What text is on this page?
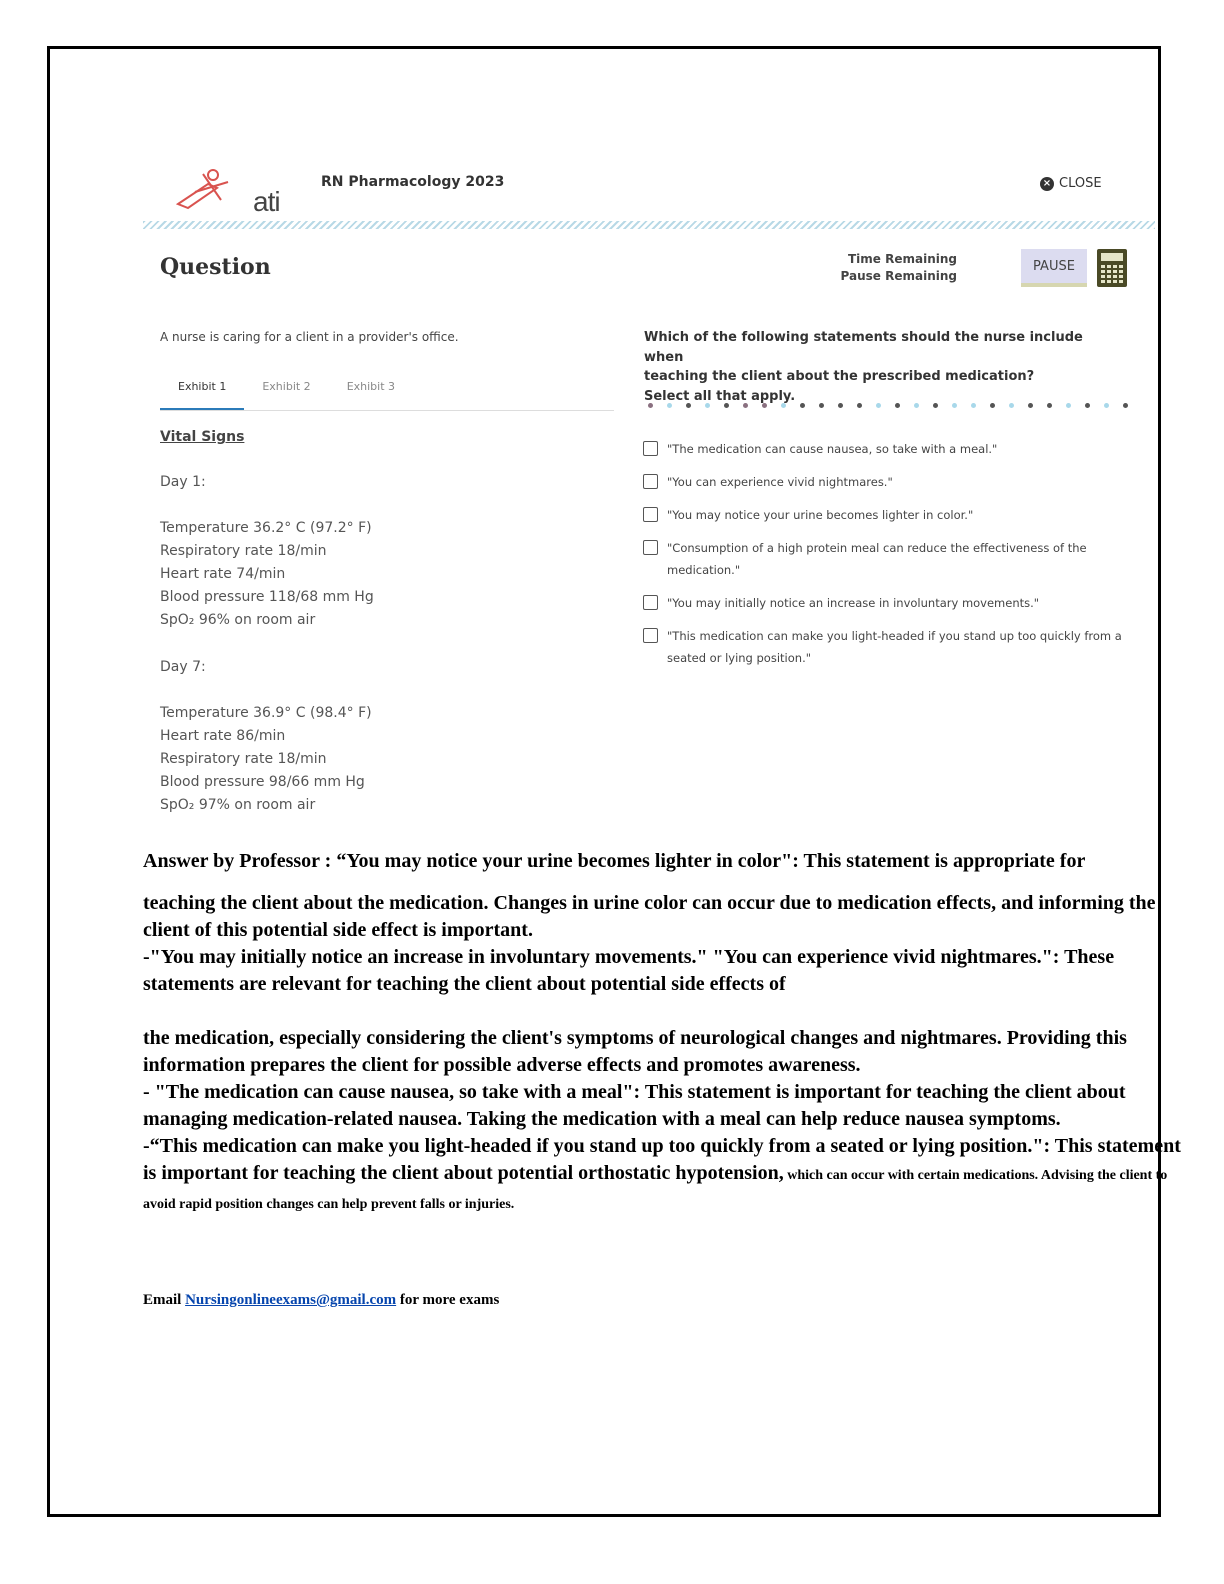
ati
RN Pharmacology 2023	× CLOSE
Question	Time Remaining
Pause Remaining
PAUSE
A nurse is caring for a client in a provider's office.
Exhibit 1	Exhibit 2	Exhibit 3
Vital Signs
Day 1:
Temperature 36.2° C (97.2° F)
Respiratory rate 18/min
Heart rate 74/min
Blood pressure 118/68 mm Hg
SpO₂ 96% on room air
Day 7:
Temperature 36.9° C (98.4° F)
Heart rate 86/min
Respiratory rate 18/min
Blood pressure 98/66 mm Hg
SpO₂ 97% on room air
Which of the following statements should the nurse include when
teaching the client about the prescribed medication?
Select all that apply.
"The medication can cause nausea, so take with a meal."
"You can experience vivid nightmares."
"You may notice your urine becomes lighter in color."
"Consumption of a high protein meal can reduce the effectiveness of the medication."
"You may initially notice an increase in involuntary movements."
"This medication can make you light-headed if you stand up too quickly from a seated or lying position."

Answer by Professor : “You may notice your urine becomes lighter in color": This statement is appropriate for

teaching the client about the medication. Changes in urine color can occur due to medication effects, and informing the client of this potential side effect is important.

-"You may initially notice an increase in involuntary movements." "You can experience vivid nightmares.": These statements are relevant for teaching the client about potential side effects of

the medication, especially considering the client's symptoms of neurological changes and nightmares. Providing this information prepares the client for possible adverse effects and promotes awareness.

- "The medication can cause nausea, so take with a meal": This statement is important for teaching the client about managing medication-related nausea. Taking the medication with a meal can help reduce nausea symptoms.

-“This medication can make you light-headed if you stand up too quickly from a seated or lying position.": This statement is important for teaching the client about potential orthostatic hypotension, which can occur with certain medications. Advising the client to avoid rapid position changes can help prevent falls or injuries.

Email Nursingonlineexams@gmail.com for more exams
